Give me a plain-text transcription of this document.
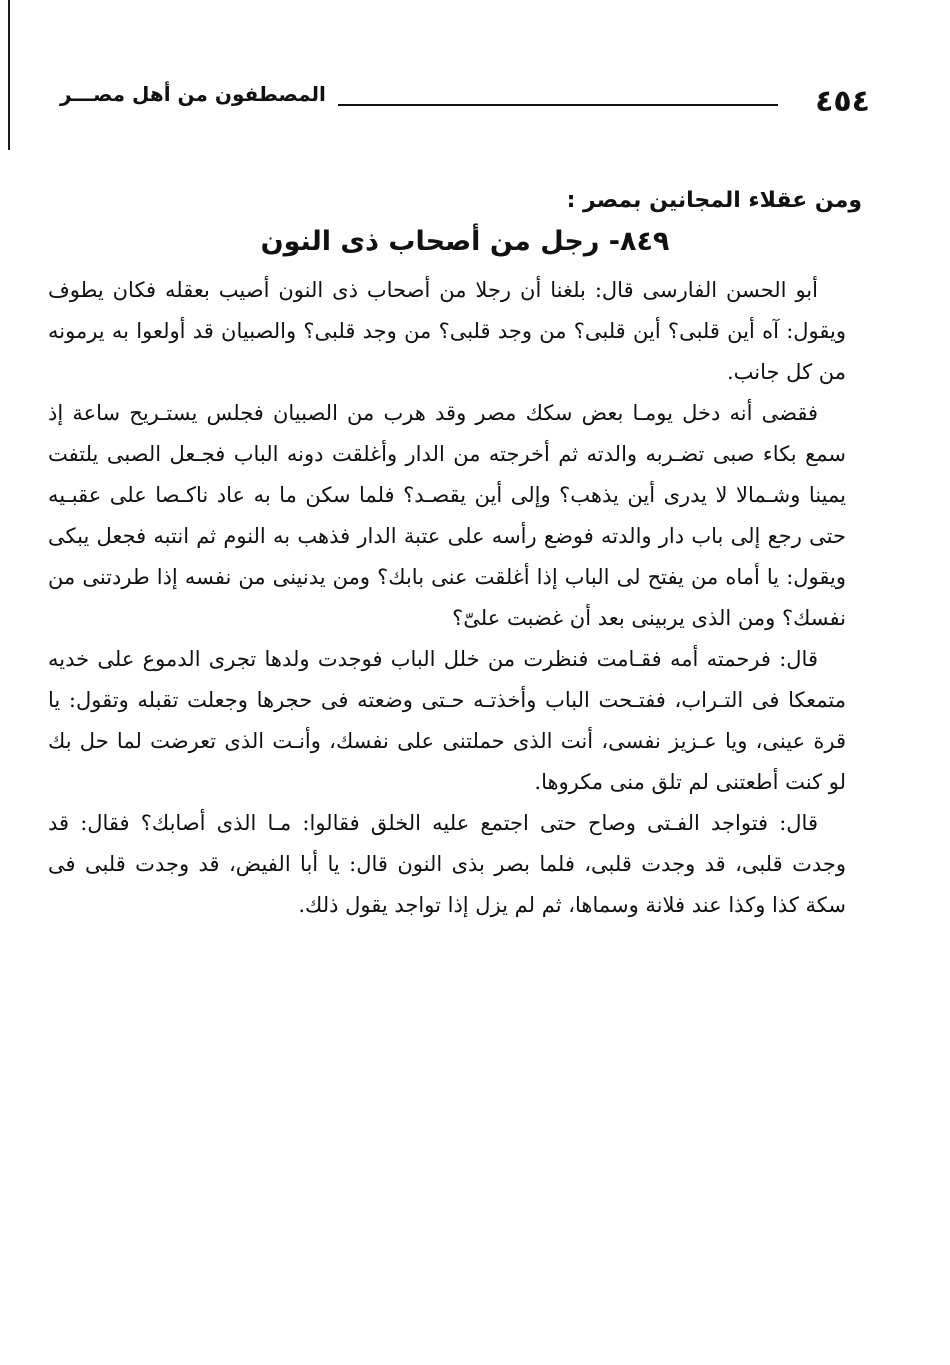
٤٥٤
المصطفون من أهل مصـــر
ومن عقلاء المجانين بمصر :
٨٤٩- رجل من أصحاب ذى النون

أبو الحسن الفارسى قال: بلغنا أن رجلا من أصحاب ذى النون أصيب بعقله فكان يطوف ويقول: آه أين قلبى؟ أين قلبى؟ من وجد قلبى؟ من وجد قلبى؟ والصبيان قد أولعوا به يرمونه من كل جانب.

فقضى أنه دخل يومـا بعض سكك مصر وقد هرب من الصبيان فجلس يستـريح ساعة إذ سمع بكاء صبى تضـربه والدته ثم أخرجته من الدار وأغلقت دونه الباب فجـعل الصبى يلتفت يمينا وشـمالا لا يدرى أين يذهب؟ وإلى أين يقصـد؟ فلما سكن ما به عاد ناكـصا على عقبـيه حتى رجع إلى باب دار والدته فوضع رأسه على عتبة الدار فذهب به النوم ثم انتبه فجعل يبكى ويقول: يا أماه من يفتح لى الباب إذا أغلقت عنى بابك؟ ومن يدنينى من نفسه إذا طردتنى من نفسك؟ ومن الذى يربينى بعد أن غضبت علىّ؟

قال: فرحمته أمه فقـامت فنظرت من خلل الباب فوجدت ولدها تجرى الدموع على خديه متمعكا فى التـراب، ففتـحت الباب وأخذتـه حـتى وضعته فى حجرها وجعلت تقبله وتقول: يا قرة عينى، ويا عـزيز نفسى، أنت الذى حملتنى على نفسك، وأنـت الذى تعرضت لما حل بك لو كنت أطعتنى لم تلق منى مكروها.

قال: فتواجد الفـتى وصاح حتى اجتمع عليه الخلق فقالوا: مـا الذى أصابك؟ فقال: قد وجدت قلبى، قد وجدت قلبى، فلما بصر بذى النون قال: يا أبا الفيض، قد وجدت قلبى فى سكة كذا وكذا عند فلانة وسماها، ثم لم يزل إذا تواجد يقول ذلك.
